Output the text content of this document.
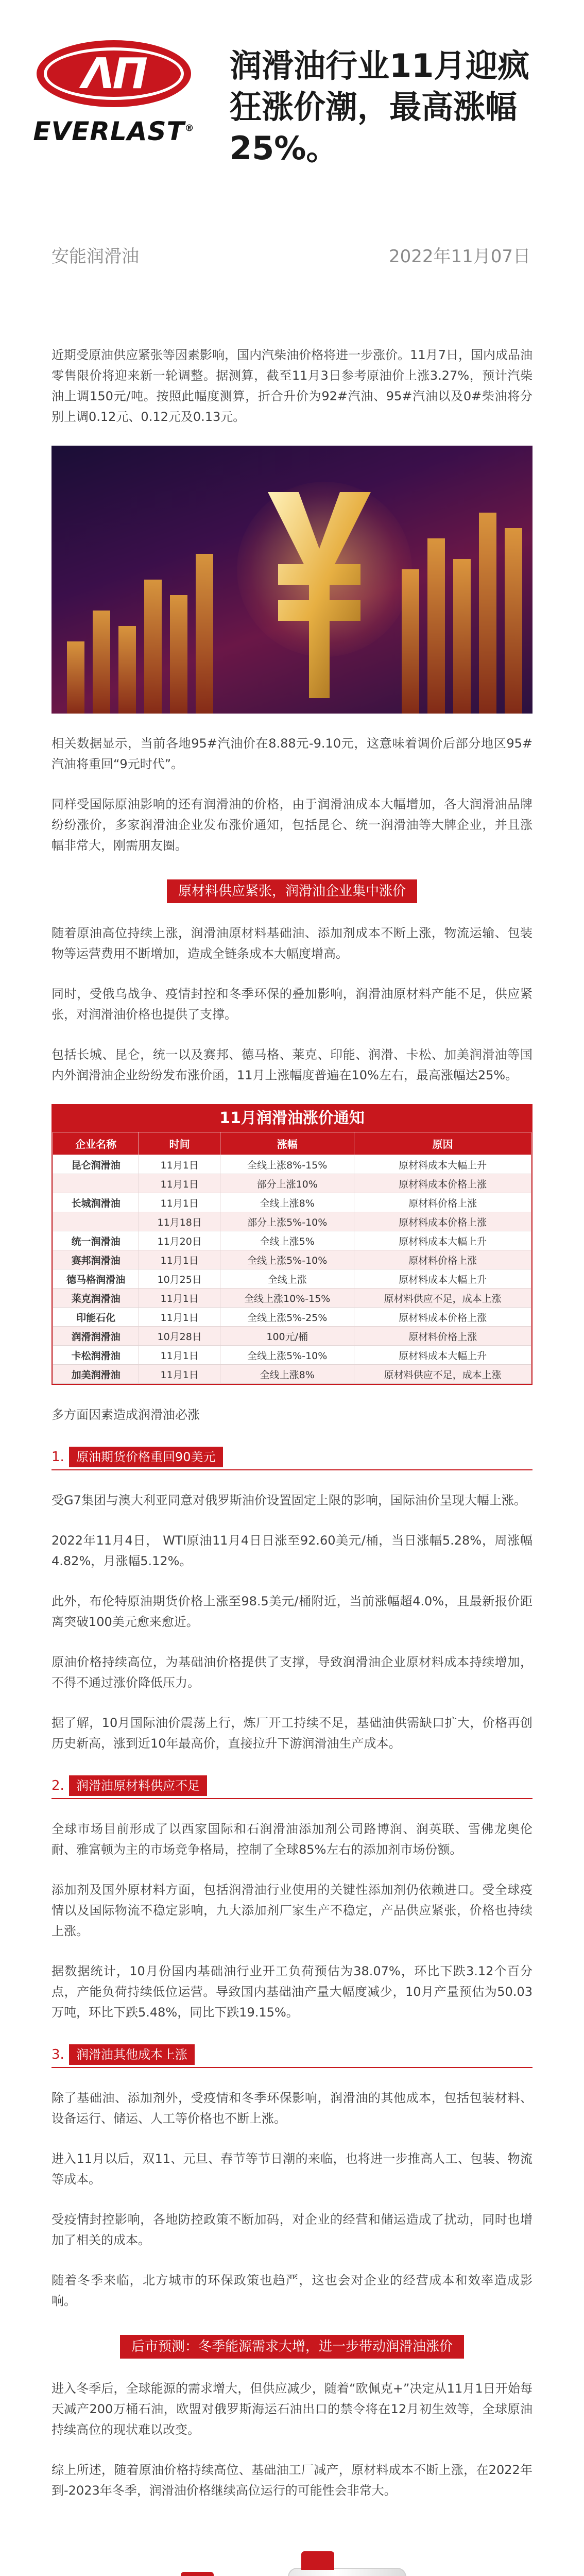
ΛΠ
EVERLAST®
润滑油行业11月迎疯狂涨价潮，最高涨幅25%。
安能润滑油	2022年11月07日

近期受原油供应紧张等因素影响，国内汽柴油价格将进一步涨价。11月7日，国内成品油零售限价将迎来新一轮调整。据测算，截至11月3日参考原油价上涨3.27%，预计汽柴油上调150元/吨。按照此幅度测算，折合升价为92#汽油、95#汽油以及0#柴油将分别上调0.12元、0.12元及0.13元。

相关数据显示，当前各地95#汽油价在8.88元-9.10元，这意味着调价后部分地区95#汽油将重回“9元时代”。

同样受国际原油影响的还有润滑油的价格，由于润滑油成本大幅增加，各大润滑油品牌纷纷涨价，多家润滑油企业发布涨价通知，包括昆仑、统一润滑油等大牌企业，并且涨幅非常大，刚需朋友圈。

原材料供应紧张，润滑油企业集中涨价

随着原油高位持续上涨，润滑油原材料基础油、添加剂成本不断上涨，物流运输、包装物等运营费用不断增加，造成全链条成本大幅度增高。

同时，受俄乌战争、疫情封控和冬季环保的叠加影响，润滑油原材料产能不足，供应紧张，对润滑油价格也提供了支撑。

包括长城、昆仑，统一以及赛邦、德马格、莱克、印能、润滑、卡松、加美润滑油等国内外润滑油企业纷纷发布涨价函，11月上涨幅度普遍在10%左右，最高涨幅达25%。

11月润滑油涨价通知
企业名称	时间	涨幅	原因
昆仑润滑油	11月1日	全线上涨8%-15%	原材料成本大幅上升
	11月1日	部分上涨10%	原材料成本价格上涨
长城润滑油	11月1日	全线上涨8%	原材料价格上涨
	11月18日	部分上涨5%-10%	原材料成本价格上涨
统一润滑油	11月20日	全线上涨5%	原材料成本大幅上升
赛邦润滑油	11月1日	全线上涨5%-10%	原材料价格上涨
德马格润滑油	10月25日	全线上涨	原材料成本大幅上升
莱克润滑油	11月1日	全线上涨10%-15%	原材料供应不足，成本上涨
印能石化	11月1日	全线上涨5%-25%	原材料成本价格上涨
润滑润滑油	10月28日	100元/桶	原材料价格上涨
卡松润滑油	11月1日	全线上涨5%-10%	原材料成本大幅上升
加美润滑油	11月1日	全线上涨8%	原材料供应不足，成本上涨

多方面因素造成润滑油必涨

1. 原油期货价格重回90美元

受G7集团与澳大利亚同意对俄罗斯油价设置固定上限的影响，国际油价呈现大幅上涨。

2022年11月4日， WTI原油11月4日日涨至92.60美元/桶，当日涨幅5.28%，周涨幅4.82%，月涨幅5.12%。

此外，布伦特原油期货价格上涨至98.5美元/桶附近，当前涨幅超4.0%，且最新报价距离突破100美元愈来愈近。

原油价格持续高位，为基础油价格提供了支撑，导致润滑油企业原材料成本持续增加，不得不通过涨价降低压力。

据了解，10月国际油价震荡上行，炼厂开工持续不足，基础油供需缺口扩大，价格再创历史新高，涨到近10年最高价，直接拉升下游润滑油生产成本。

2. 润滑油原材料供应不足

全球市场目前形成了以西家国际和石润滑油添加剂公司路博润、润英联、雪佛龙奥伦耐、雅富顿为主的市场竞争格局，控制了全球85%左右的添加剂市场份额。

添加剂及国外原材料方面，包括润滑油行业使用的关键性添加剂仍依赖进口。受全球疫情以及国际物流不稳定影响，九大添加剂厂家生产不稳定，产品供应紧张，价格也持续上涨。

据数据统计，10月份国内基础油行业开工负荷预估为38.07%，环比下跌3.12个百分点，产能负荷持续低位运营。导致国内基础油产量大幅度减少，10月产量预估为50.03万吨，环比下跌5.48%，同比下跌19.15%。

3. 润滑油其他成本上涨

除了基础油、添加剂外，受疫情和冬季环保影响，润滑油的其他成本，包括包装材料、设备运行、储运、人工等价格也不断上涨。

进入11月以后，双11、元旦、春节等节日潮的来临，也将进一步推高人工、包装、物流等成本。

受疫情封控影响，各地防控政策不断加码，对企业的经营和储运造成了扰动，同时也增加了相关的成本。

随着冬季来临，北方城市的环保政策也趋严，这也会对企业的经营成本和效率造成影响。

后市预测：冬季能源需求大增，进一步带动润滑油涨价

进入冬季后，全球能源的需求增大，但供应减少，随着“欧佩克+”决定从11月1日开始每天减产200万桶石油，欧盟对俄罗斯海运石油出口的禁令将在12月初生效等，全球原油持续高位的现状难以改变。

综上所述，随着原油价格持续高位、基础油工厂减产，原材料成本不断上涨，在2022年到-2023年冬季，润滑油价格继续高位运行的可能性会非常大。
